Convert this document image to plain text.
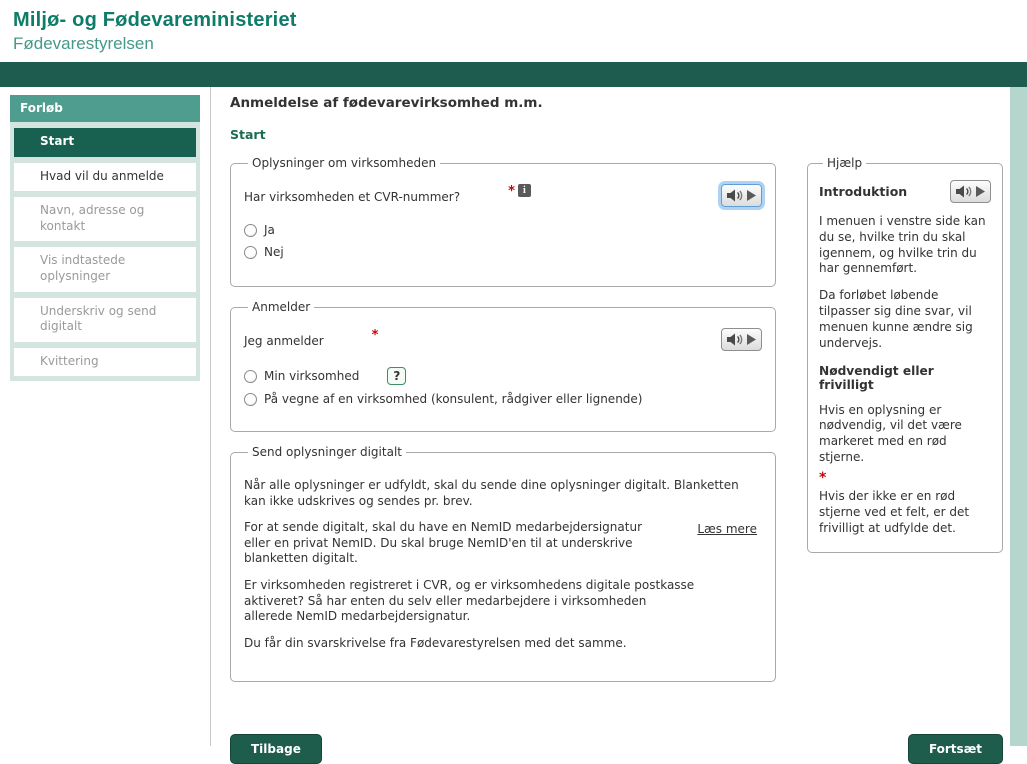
Miljø- og Fødevareministeriet
Fødevarestyrelsen
Forløb
Start
Hvad vil du anmelde
Navn, adresse og kontakt
Vis indtastede oplysninger
Underskriv og send digitalt
Kvittering
Anmeldelse af fødevarevirksomhed m.m.
Start
Oplysninger om virksomheden
Har virksomheden et CVR-nummer?	* i
Ja
Nej
Anmelder
Jeg anmelder	*
Min virksomhed	?
På vegne af en virksomhed (konsulent, rådgiver eller lignende)
Send oplysninger digitalt

Når alle oplysninger er udfyldt, skal du sende dine oplysninger digitalt. Blanketten kan ikke udskrives og sendes pr. brev.

For at sende digitalt, skal du have en NemID medarbejdersignatur eller en privat NemID. Du skal bruge NemID'en til at underskrive blanketten digitalt.

Læs mere

Er virksomheden registreret i CVR, og er virksomhedens digitale postkasse aktiveret? Så har enten du selv eller medarbejdere i virksomheden allerede NemID medarbejdersignatur.

Du får din svarskrivelse fra Fødevarestyrelsen med det samme.

Hjælp
Introduktion

I menuen i venstre side kan du se, hvilke trin du skal igennem, og hvilke trin du har gennemført.

Da forløbet løbende tilpasser sig dine svar, vil menuen kunne ændre sig undervejs.

Nødvendigt eller frivilligt

Hvis en oplysning er nødvendig, vil det være markeret med en rød stjerne.

*

Hvis der ikke er en rød stjerne ved et felt, er det frivilligt at udfylde det.

Tilbage	Fortsæt
